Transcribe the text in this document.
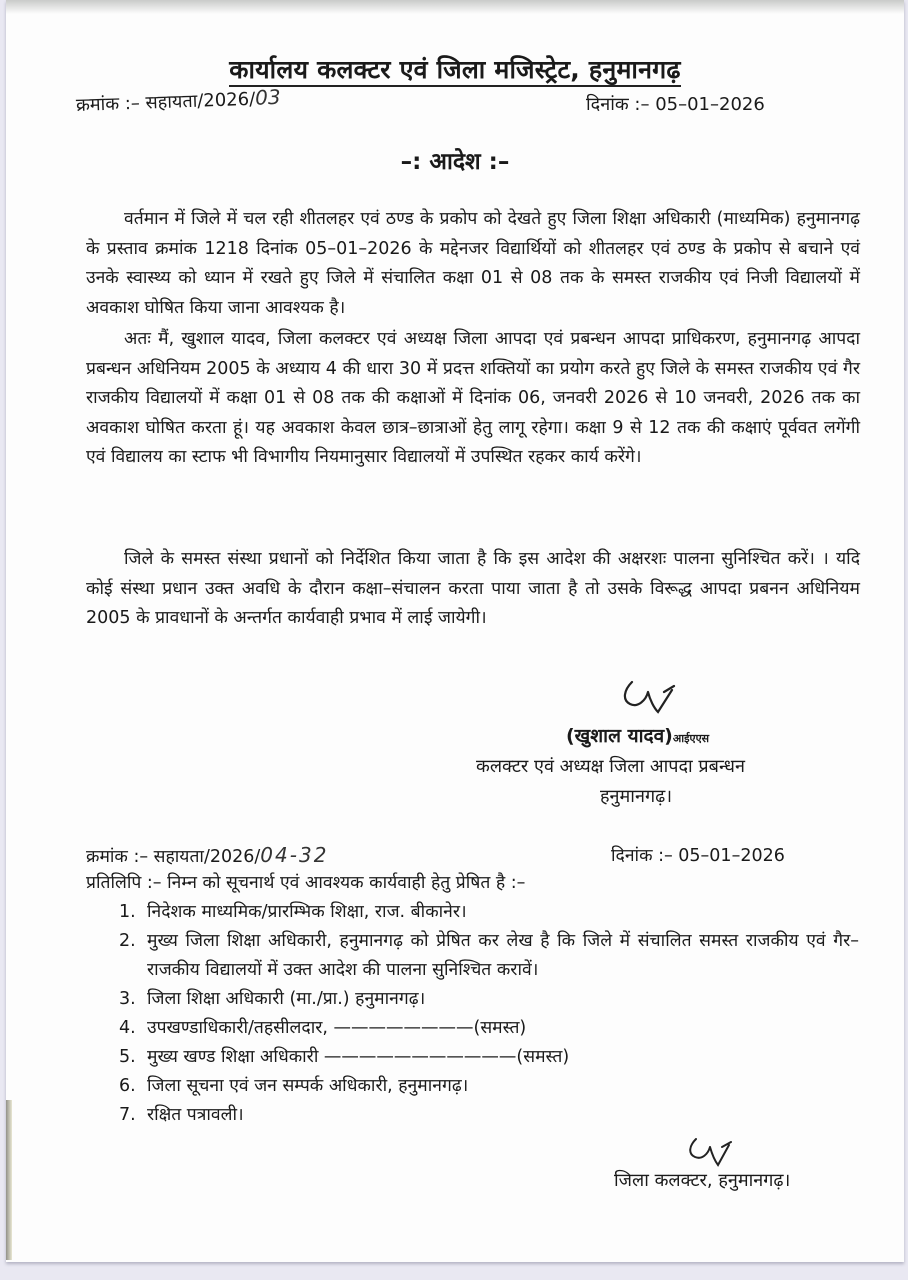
कार्यालय कलक्टर एवं जिला मजिस्ट्रेट, हनुमानगढ़
क्रमांक :– सहायता/2026/03	दिनांक :– 05–01–2026
–: आदेश :–

वर्तमान में जिले में चल रही शीतलहर एवं ठण्ड के प्रकोप को देखते हुए जिला शिक्षा अधिकारी (माध्यमिक) हनुमानगढ़ के प्रस्ताव क्रमांक 1218 दिनांक 05–01–2026 के मद्देनजर विद्यार्थियों को शीतलहर एवं ठण्ड के प्रकोप से बचाने एवं उनके स्वास्थ्य को ध्यान में रखते हुए जिले में संचालित कक्षा 01 से 08 तक के समस्त राजकीय एवं निजी विद्यालयों में अवकाश घोषित किया जाना आवश्यक है।

अतः मैं, खुशाल यादव, जिला कलक्टर एवं अध्यक्ष जिला आपदा एवं प्रबन्धन आपदा प्राधिकरण, हनुमानगढ़ आपदा प्रबन्धन अधिनियम 2005 के अध्याय 4 की धारा 30 में प्रदत्त शक्तियों का प्रयोग करते हुए जिले के समस्त राजकीय एवं गैर राजकीय विद्यालयों में कक्षा 01 से 08 तक की कक्षाओं में दिनांक 06, जनवरी 2026 से 10 जनवरी, 2026 तक का अवकाश घोषित करता हूं। यह अवकाश केवल छात्र–छात्राओं हेतु लागू रहेगा। कक्षा 9 से 12 तक की कक्षाएं पूर्ववत लगेंगी एवं विद्यालय का स्टाफ भी विभागीय नियमानुसार विद्यालयों में उपस्थित रहकर कार्य करेंगे।

जिले के समस्त संस्था प्रधानों को निर्देशित किया जाता है कि इस आदेश की अक्षरशः पालना सुनिश्चित करें। । यदि कोई संस्था प्रधान उक्त अवधि के दौरान कक्षा–संचालन करता पाया जाता है तो उसके विरूद्ध आपदा प्रबनन अधिनियम 2005 के प्रावधानों के अन्तर्गत कार्यवाही प्रभाव में लाई जायेगी।

(खुशाल यादव)आईएएस
कलक्टर एवं अध्यक्ष जिला आपदा प्रबन्धन
हनुमानगढ़।
क्रमांक :– सहायता/2026/04-32	दिनांक :– 05–01–2026
प्रतिलिपि :– निम्न को सूचनार्थ एवं आवश्यक कार्यवाही हेतु प्रेषित है :–
1. निदेशक माध्यमिक/प्रारम्भिक शिक्षा, राज. बीकानेर।
2. मुख्य जिला शिक्षा अधिकारी, हनुमानगढ़ को प्रेषित कर लेख है कि जिले में संचालित समस्त राजकीय एवं गैर–राजकीय विद्यालयों में उक्त आदेश की पालना सुनिश्चित करावें।
3. जिला शिक्षा अधिकारी (मा./प्रा.) हनुमानगढ़।
4. उपखण्डाधिकारी/तहसीलदार, ————————(समस्त)
5. मुख्य खण्ड शिक्षा अधिकारी ———————————(समस्त)
6. जिला सूचना एवं जन सम्पर्क अधिकारी, हनुमानगढ़।
7. रक्षित पत्रावली।
जिला कलक्टर, हनुमानगढ़।
